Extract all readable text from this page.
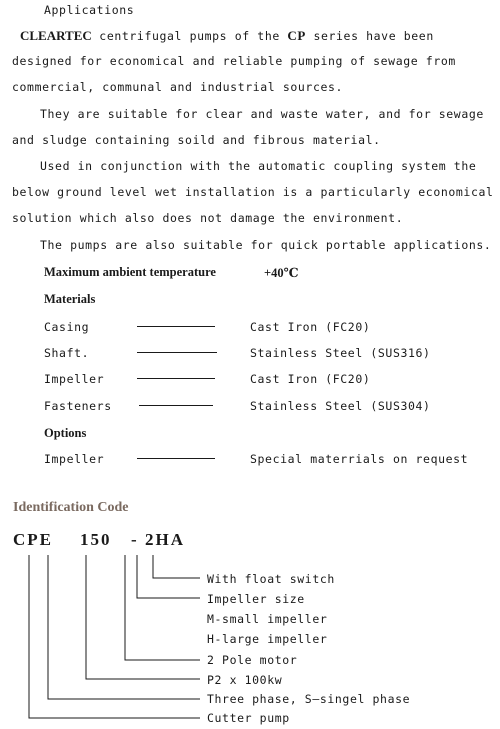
Applications
CLEARTEC centrifugal pumps of the CP series have been
designed for economical and reliable pumping of sewage from
commercial, communal and industrial sources.
They are suitable for clear and waste water, and for sewage
and sludge containing soild and fibrous material.
Used in conjunction with the automatic coupling system the
below ground level wet installation is a particularly economical
solution which also does not damage the environment.
The pumps are also suitable for quick portable applications.
Maximum ambient temperature	+40℃
Materials
Casing	Cast Iron (FC20)
Shaft.	Stainless Steel (SUS316)
Impeller	Cast Iron (FC20)
Fasteners	Stainless Steel (SUS304)
Options
Impeller	Special materrials on request
Identification Code
CPE 150 - 2HA
With float switch
Impeller size
M-small impeller
H-large impeller
2 Pole motor
P2 x 100kw
Three phase, S—singel phase
Cutter pump
